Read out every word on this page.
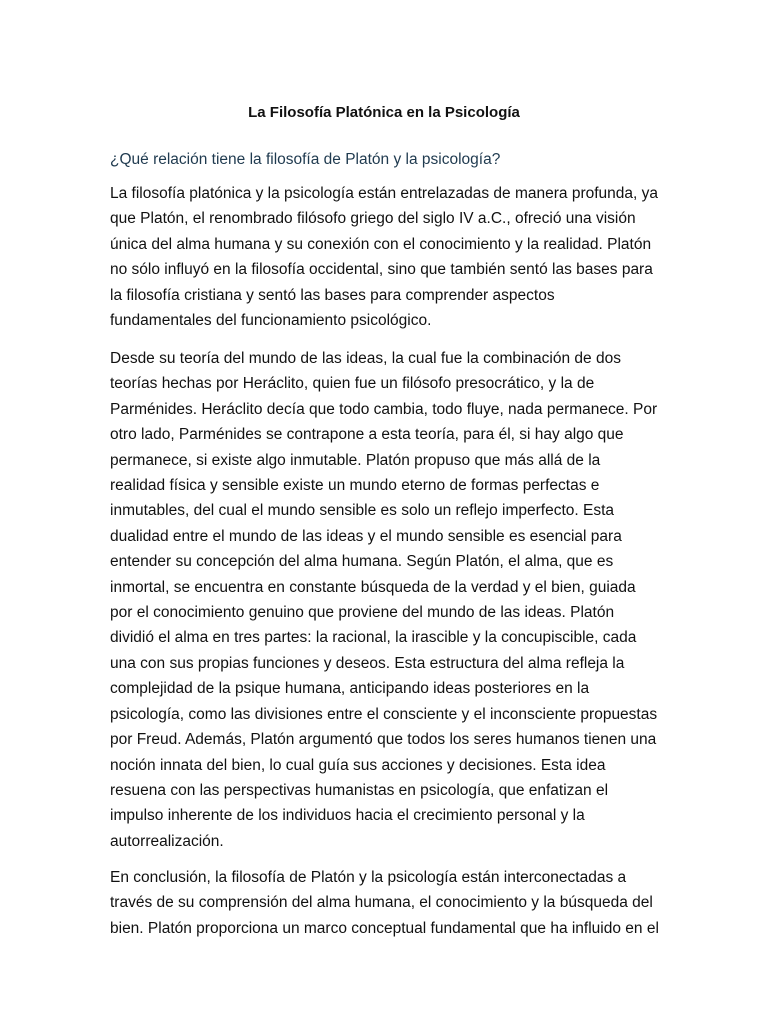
La Filosofía Platónica en la Psicología
¿Qué relación tiene la filosofía de Platón y la psicología?
La filosofía platónica y la psicología están entrelazadas de manera profunda, ya
que Platón, el renombrado filósofo griego del siglo IV a.C., ofreció una visión
única del alma humana y su conexión con el conocimiento y la realidad. Platón
no sólo influyó en la filosofía occidental, sino que también sentó las bases para
la filosofía cristiana y sentó las bases para comprender aspectos
fundamentales del funcionamiento psicológico.
Desde su teoría del mundo de las ideas, la cual fue la combinación de dos
teorías hechas por Heráclito, quien fue un filósofo presocrático, y la de
Parménides. Heráclito decía que todo cambia, todo fluye, nada permanece. Por
otro lado, Parménides se contrapone a esta teoría, para él, si hay algo que
permanece, si existe algo inmutable. Platón propuso que más allá de la
realidad física y sensible existe un mundo eterno de formas perfectas e
inmutables, del cual el mundo sensible es solo un reflejo imperfecto. Esta
dualidad entre el mundo de las ideas y el mundo sensible es esencial para
entender su concepción del alma humana. Según Platón, el alma, que es
inmortal, se encuentra en constante búsqueda de la verdad y el bien, guiada
por el conocimiento genuino que proviene del mundo de las ideas. Platón
dividió el alma en tres partes: la racional, la irascible y la concupiscible, cada
una con sus propias funciones y deseos. Esta estructura del alma refleja la
complejidad de la psique humana, anticipando ideas posteriores en la
psicología, como las divisiones entre el consciente y el inconsciente propuestas
por Freud. Además, Platón argumentó que todos los seres humanos tienen una
noción innata del bien, lo cual guía sus acciones y decisiones. Esta idea
resuena con las perspectivas humanistas en psicología, que enfatizan el
impulso inherente de los individuos hacia el crecimiento personal y la
autorrealización.
En conclusión, la filosofía de Platón y la psicología están interconectadas a
través de su comprensión del alma humana, el conocimiento y la búsqueda del
bien. Platón proporciona un marco conceptual fundamental que ha influido en el
